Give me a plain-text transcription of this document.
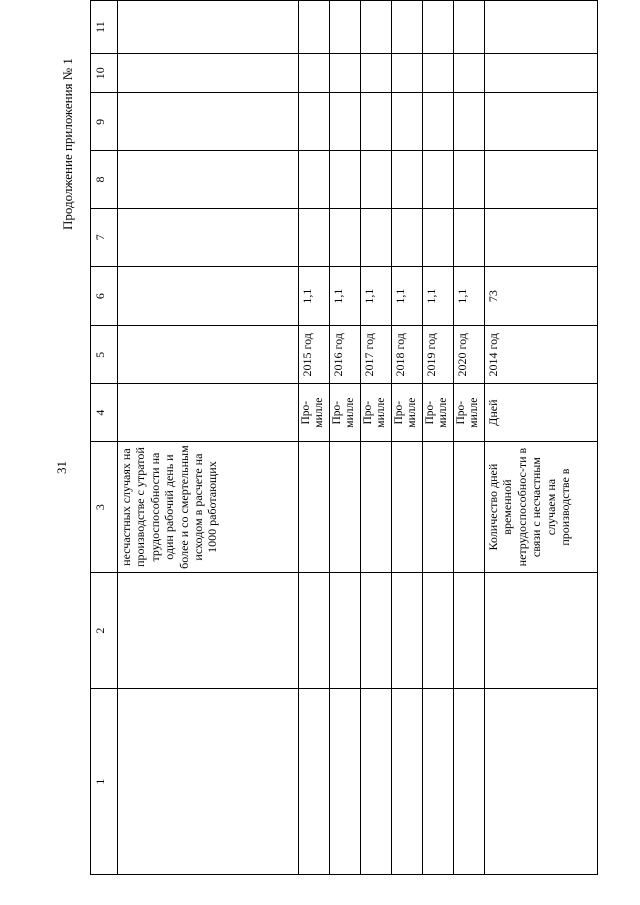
31
Продолжение приложения № 1
1	2	3	4	5	6	7	8	9	10	11
		несчастных случаях на производстве с утратой трудоспособности на один рабочий день и более и со смертельным исходом в расчете на 1000 работающих								
			Про-милле	2015 год	1,1					
			Про-милле	2016 год	1,1					
			Про-милле	2017 год	1,1					
			Про-милле	2018 год	1,1					
			Про-милле	2019 год	1,1					
			Про-милле	2020 год	1,1					
		Количество дней временной нетрудоспособнос-ти в связи с несчастным случаем на производстве в	Дней	2014 год	73					
